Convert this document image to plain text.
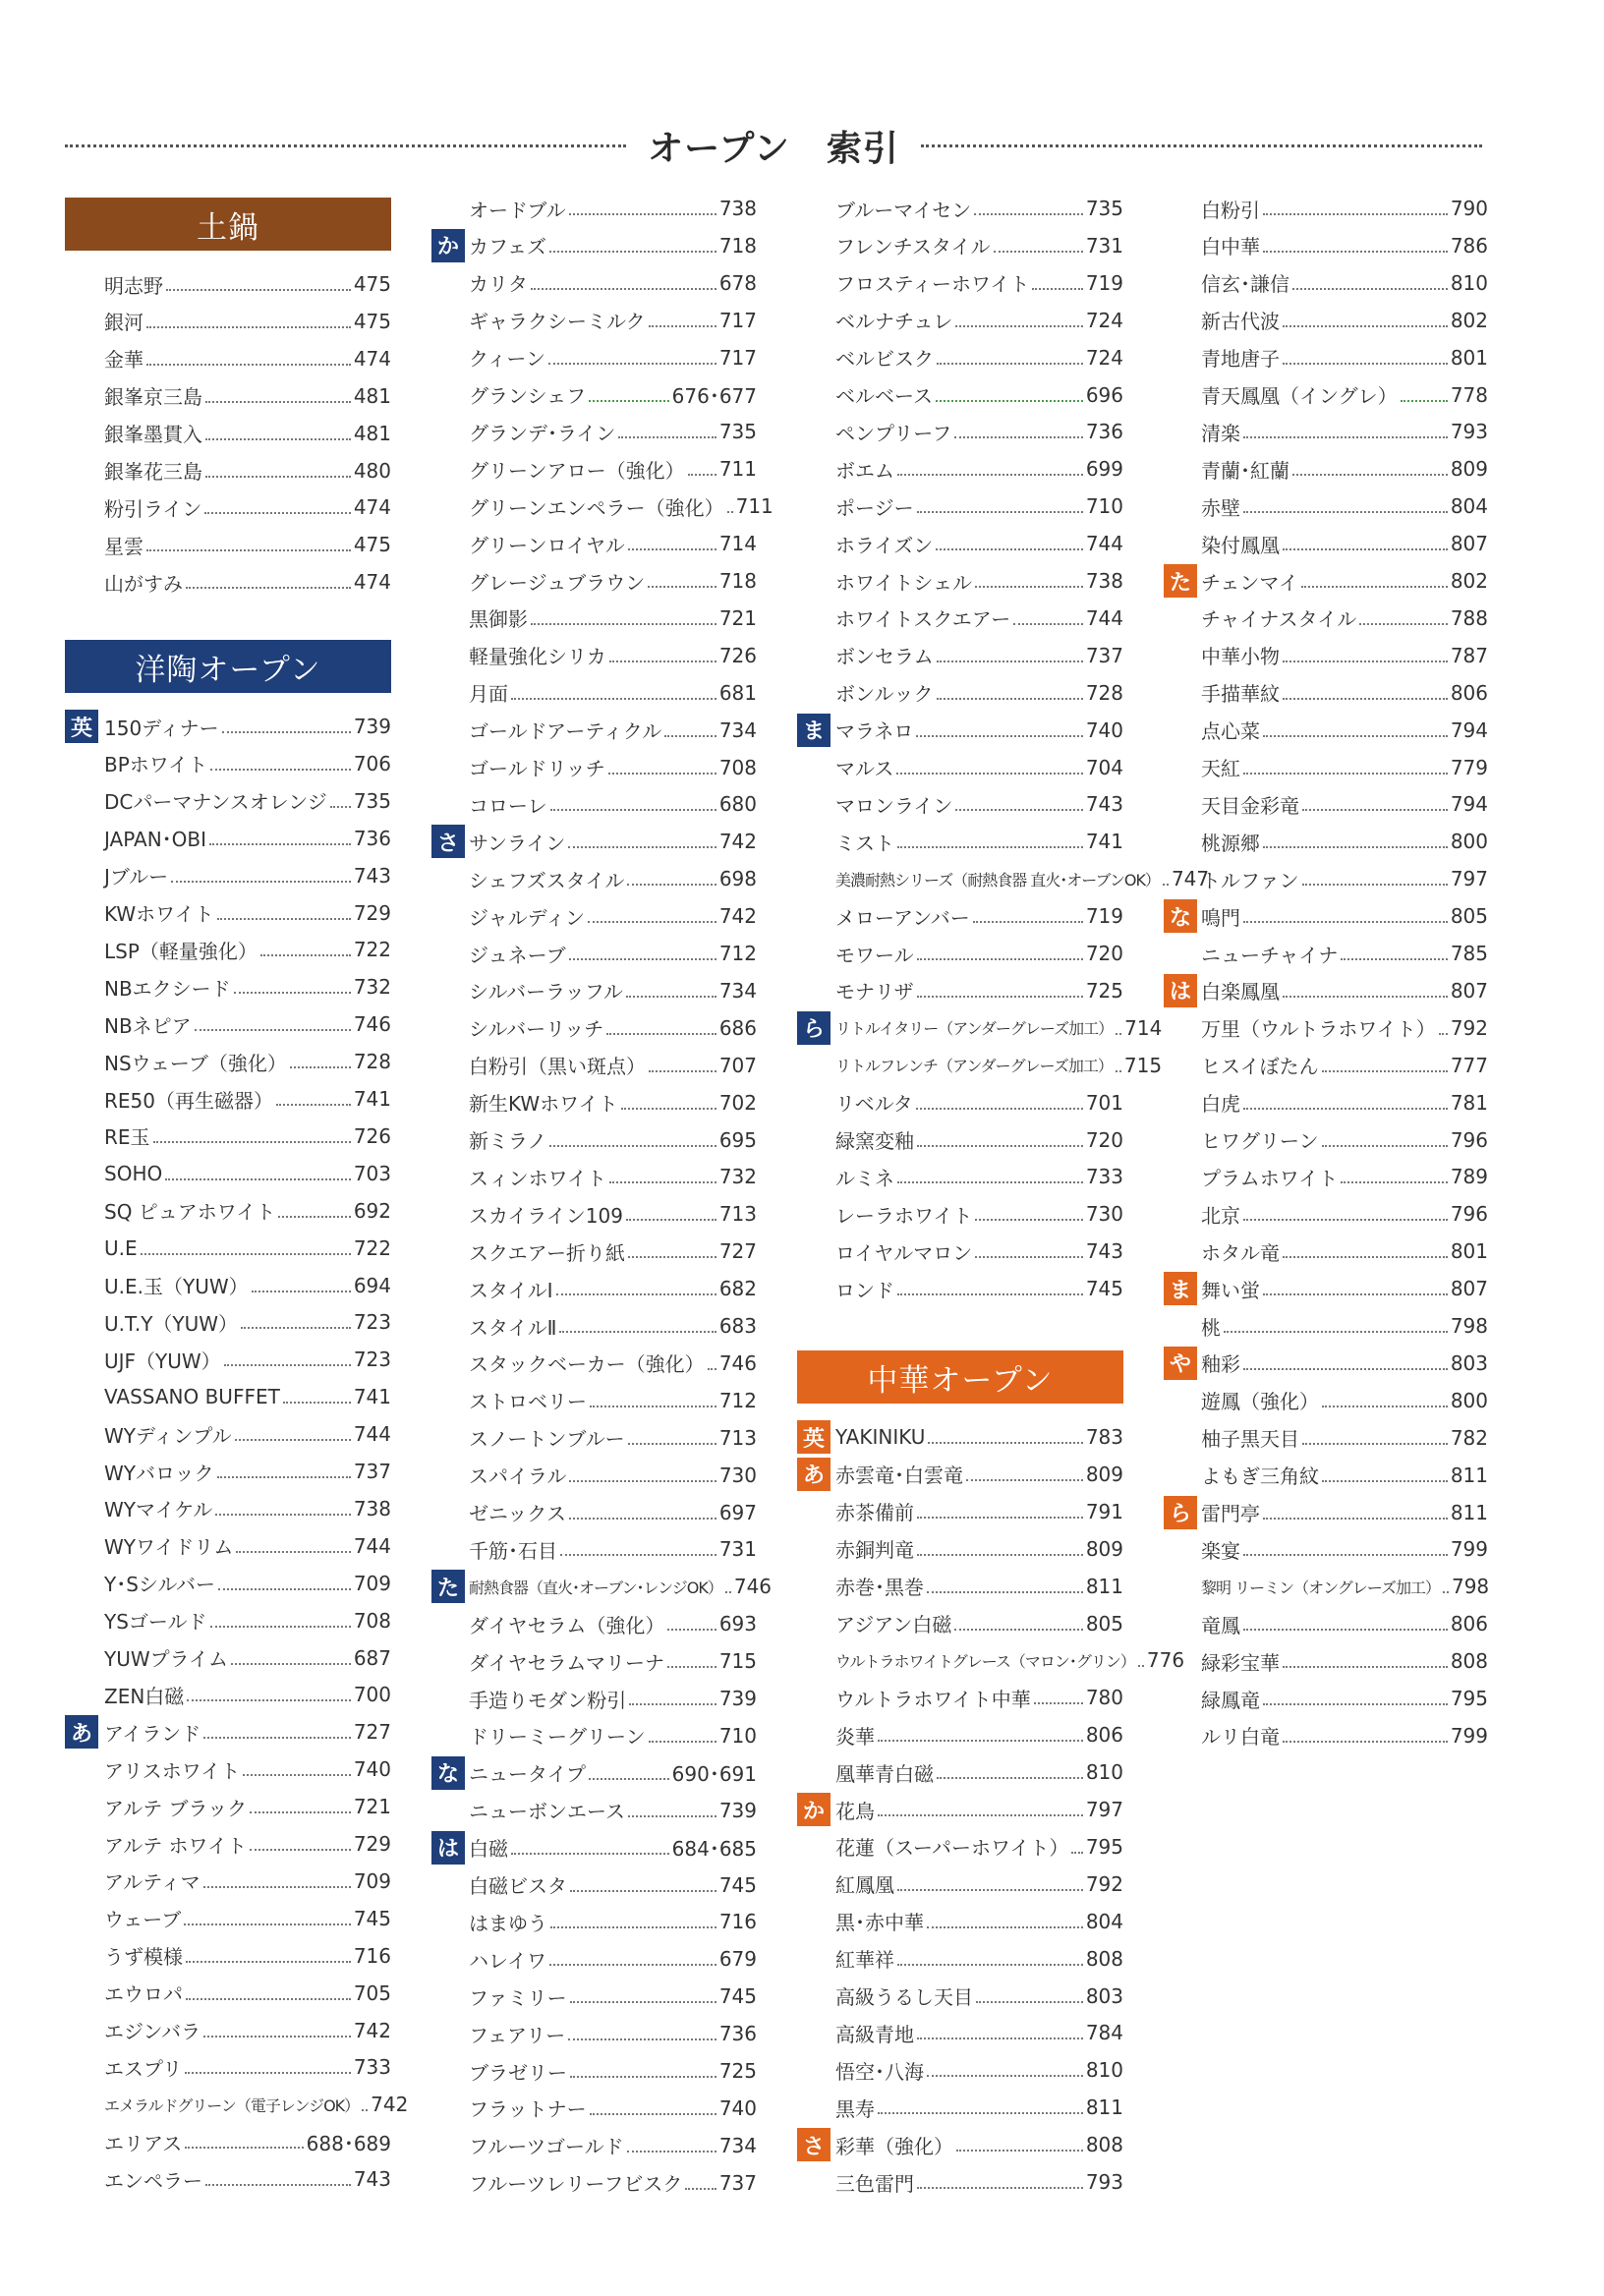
オープン　索引
土鍋
明志野	475
銀河	475
金華	474
銀峯京三島	481
銀峯墨貫入	481
銀峯花三島	480
粉引ライン	474
星雲	475
山がすみ	474
洋陶オープン
150ディナー	739
英
BPホワイト	706
DCパーマナンスオレンジ 735
JAPAN･OBI	736
Jブルー	743
KWホワイト	729
LSP（軽量強化）	722
NBエクシード	732
NBネピア	746
NSウェーブ（強化）	728
RE50（再生磁器）	741
RE玉	726
SOHO	703
SQ ピュアホワイト	692
U.E	722
U.E.玉（YUW）	694
U.T.Y（YUW）	723
UJF（YUW）	723
VASSANO BUFFET	741
WYディンプル	744
WYバロック	737
WYマイケル	738
WYワイドリム	744
Y･Sシルバー	709
YSゴールド	708
YUWプライム	687
ZEN白磁	700
アイランド	727
あ
アリスホワイト	740
アルテ ブラック	721
アルテ ホワイト	729
アルティマ	709
ウェーブ	745
うず模様	716
エウロパ	705
エジンバラ	742
エスプリ	733
エメラルドグリーン（電子レンジOK） 742
エリアス	688･689
エンペラー	743
オードブル	738
カフェズ	718
か
カリタ	678
ギャラクシーミルク	717
クィーン	717
グランシェフ	676･677
グランデ･ライン	735
グリーンアロー（強化） 711
グリーンエンペラー（強化） 711
グリーンロイヤル	714
グレージュブラウン	718
黒御影	721
軽量強化シリカ	726
月面	681
ゴールドアーティクル	734
ゴールドリッチ	708
コローレ	680
サンライン	742
さ
シェフズスタイル	698
ジャルディン	742
ジュネーブ	712
シルバーラッフル	734
シルバーリッチ	686
白粉引（黒い斑点）	707
新生KWホワイト	702
新ミラノ	695
スィンホワイト	732
スカイライン109	713
スクエアー折り紙	727
スタイルⅠ	682
スタイルⅡ	683
スタックベーカー（強化） 746
ストロベリー	712
スノートンブルー	713
スパイラル	730
ゼニックス	697
千筋･石目	731
耐熱食器（直火･オーブン･レンジOK） 746
た
ダイヤセラム（強化）	693
ダイヤセラムマリーナ	715
手造りモダン粉引	739
ドリーミーグリーン	710
ニュータイプ	690･691
な
ニューボンエース	739
白磁	684･685
は
白磁ビスタ	745
はまゆう	716
ハレイワ	679
ファミリー	745
フェアリー	736
ブラゼリー	725
フラットナー	740
フルーツゴールド	734
フルーツレリーフビスク 737
ブルーマイセン	735
フレンチスタイル	731
フロスティーホワイト	719
ベルナチュレ	724
ベルビスク	724
ベルベース	696
ペンプリーフ	736
ボエム	699
ポージー	710
ホライズン	744
ホワイトシェル	738
ホワイトスクエアー	744
ボンセラム	737
ボンルック	728
マラネロ	740
ま
マルス	704
マロンライン	743
ミスト	741
美濃耐熱シリーズ（耐熱食器 直火･オーブンOK） 747
メローアンバー	719
モワール	720
モナリザ	725
リトルイタリー（アンダーグレーズ加工） 714
ら
リトルフレンチ（アンダーグレーズ加工） 715
リベルタ	701
緑窯変釉	720
ルミネ	733
レーラホワイト	730
ロイヤルマロン	743
ロンド	745
中華オープン
YAKINIKU	783
英
赤雲竜･白雲竜	809
あ
赤茶備前	791
赤銅判竜	809
赤巻･黒巻	811
アジアン白磁	805
ウルトラホワイトグレース（マロン･グリン） 776
ウルトラホワイト中華	780
炎華	806
凰華青白磁	810
花鳥	797
か
花蓮（スーパーホワイト） 795
紅鳳凰	792
黒･赤中華	804
紅華祥	808
高級うるし天目	803
高級青地	784
悟空･八海	810
黒寿	811
彩華（強化）	808
さ
三色雷門	793
白粉引	790
白中華	786
信玄･謙信	810
新古代波	802
青地唐子	801
青天鳳凰（イングレ）	778
清楽	793
青蘭･紅蘭	809
赤壁	804
染付鳳凰	807
チェンマイ	802
た
チャイナスタイル	788
中華小物	787
手描華紋	806
点心菜	794
天紅	779
天目金彩竜	794
桃源郷	800
トルファン	797
鳴門	805
な
ニューチャイナ	785
白楽鳳凰	807
は
万里（ウルトラホワイト） 792
ヒスイぼたん	777
白虎	781
ヒワグリーン	796
プラムホワイト	789
北京	796
ホタル竜	801
舞い蛍	807
ま
桃	798
釉彩	803
や
遊鳳（強化）	800
柚子黒天目	782
よもぎ三角紋	811
雷門亭	811
ら
楽宴	799
黎明 リーミン（オングレーズ加工） 798
竜鳳	806
緑彩宝華	808
緑鳳竜	795
ルリ白竜	799
